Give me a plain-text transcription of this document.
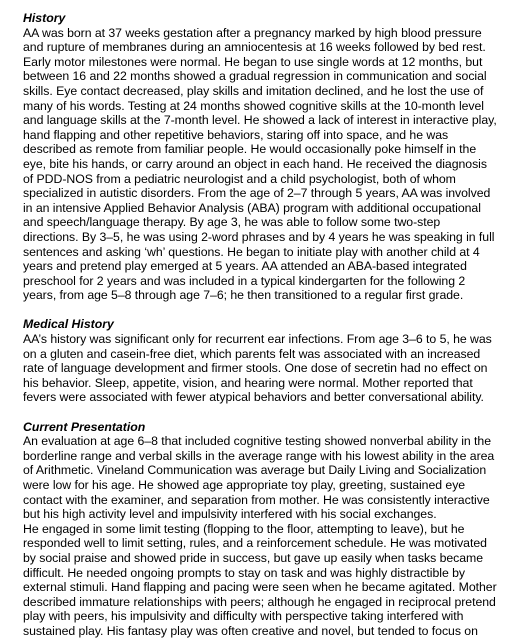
History

AA was born at 37 weeks gestation after a pregnancy marked by high blood pressure
and rupture of membranes during an amniocentesis at 16 weeks followed by bed rest.
Early motor milestones were normal. He began to use single words at 12 months, but
between 16 and 22 months showed a gradual regression in communication and social
skills. Eye contact decreased, play skills and imitation declined, and he lost the use of
many of his words. Testing at 24 months showed cognitive skills at the 10-month level
and language skills at the 7-month level. He showed a lack of interest in interactive play,
hand flapping and other repetitive behaviors, staring off into space, and he was
described as remote from familiar people. He would occasionally poke himself in the
eye, bite his hands, or carry around an object in each hand. He received the diagnosis
of PDD-NOS from a pediatric neurologist and a child psychologist, both of whom
specialized in autistic disorders. From the age of 2–7 through 5 years, AA was involved
in an intensive Applied Behavior Analysis (ABA) program with additional occupational
and speech/language therapy. By age 3, he was able to follow some two-step
directions. By 3–5, he was using 2-word phrases and by 4 years he was speaking in full
sentences and asking ‘wh’ questions. He began to initiate play with another child at 4
years and pretend play emerged at 5 years. AA attended an ABA-based integrated
preschool for 2 years and was included in a typical kindergarten for the following 2
years, from age 5–8 through age 7–6; he then transitioned to a regular first grade.

Medical History

AA’s history was significant only for recurrent ear infections. From age 3–6 to 5, he was
on a gluten and casein-free diet, which parents felt was associated with an increased
rate of language development and firmer stools. One dose of secretin had no effect on
his behavior. Sleep, appetite, vision, and hearing were normal. Mother reported that
fevers were associated with fewer atypical behaviors and better conversational ability.

Current Presentation

An evaluation at age 6–8 that included cognitive testing showed nonverbal ability in the
borderline range and verbal skills in the average range with his lowest ability in the area
of Arithmetic. Vineland Communication was average but Daily Living and Socialization
were low for his age. He showed age appropriate toy play, greeting, sustained eye
contact with the examiner, and separation from mother. He was consistently interactive
but his high activity level and impulsivity interfered with his social exchanges.

He engaged in some limit testing (flopping to the floor, attempting to leave), but he
responded well to limit setting, rules, and a reinforcement schedule. He was motivated
by social praise and showed pride in success, but gave up easily when tasks became
difficult. He needed ongoing prompts to stay on task and was highly distractible by
external stimuli. Hand flapping and pacing were seen when he became agitated. Mother
described immature relationships with peers; although he engaged in reciprocal pretend
play with peers, his impulsivity and difficulty with perspective taking interfered with
sustained play. His fantasy play was often creative and novel, but tended to focus on
